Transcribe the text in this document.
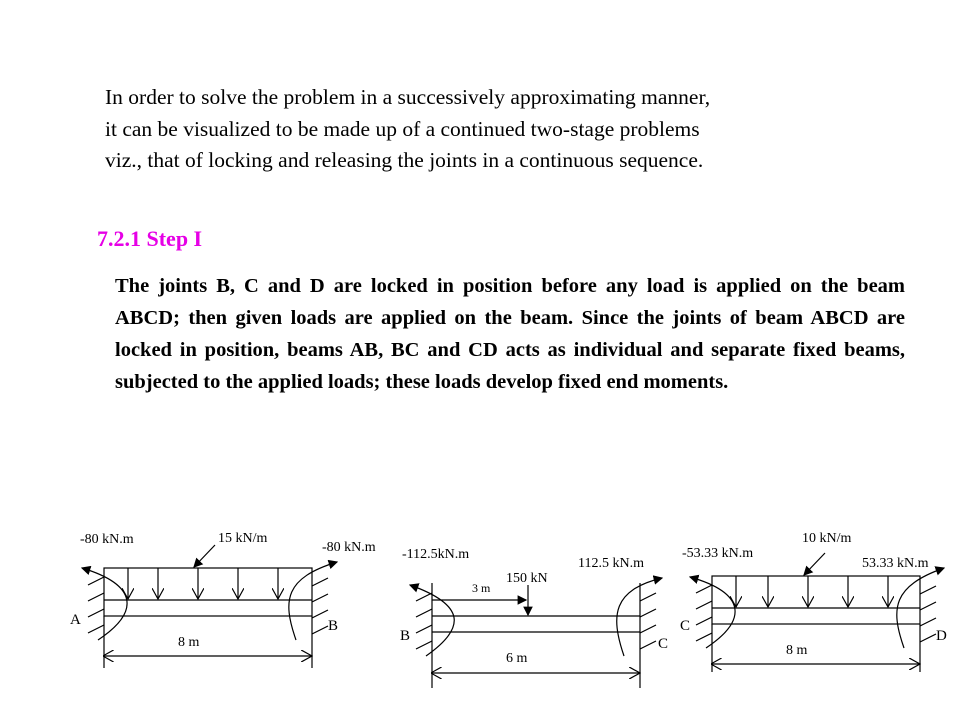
In order to solve the problem in a successively approximating manner,
it can be visualized to be made up of a continued two-stage problems
viz., that of locking and releasing the joints in a continuous sequence.
7.2.1 Step I
The joints B, C and D are locked in position before any load is applied on the beam ABCD; then given loads are applied on the beam. Since the joints of beam ABCD are locked in position, beams AB, BC and CD acts as individual and separate fixed beams, subjected to the applied loads; these loads develop fixed end moments.
-80 kN.m	15 kN/m
-80 kN.m
A	B
8 m
-112.5kN.m
112.5 kN.m
3 m
150 kN
B	C
6 m
-53.33 kN.m
10 kN/m
53.33 kN.m
C
D
8 m
